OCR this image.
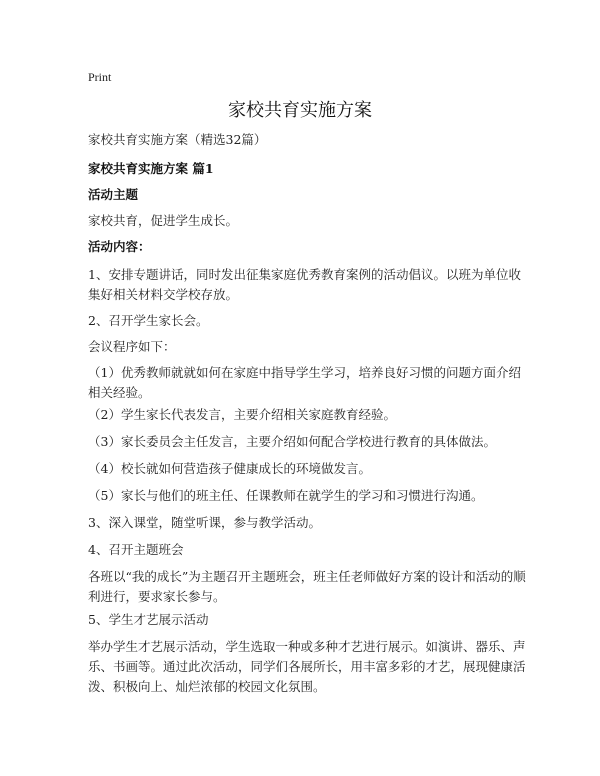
Print
家校共育实施方案
家校共育实施方案（精选32篇）
家校共育实施方案 篇1
活动主题
家校共育，促进学生成长。
活动内容：
1、安排专题讲话，同时发出征集家庭优秀教育案例的活动倡议。以班为单位收集好相关材料交学校存放。
2、召开学生家长会。
会议程序如下：
（1）优秀教师就就如何在家庭中指导学生学习，培养良好习惯的问题方面介绍相关经验。
（2）学生家长代表发言，主要介绍相关家庭教育经验。
（3）家长委员会主任发言，主要介绍如何配合学校进行教育的具体做法。
（4）校长就如何营造孩子健康成长的环境做发言。
（5）家长与他们的班主任、任课教师在就学生的学习和习惯进行沟通。
3、深入课堂，随堂听课，参与教学活动。
4、召开主题班会
各班以“我的成长”为主题召开主题班会，班主任老师做好方案的设计和活动的顺利进行，要求家长参与。
5、学生才艺展示活动
举办学生才艺展示活动，学生选取一种或多种才艺进行展示。如演讲、器乐、声乐、书画等。通过此次活动，同学们各展所长，用丰富多彩的才艺，展现健康活泼、积极向上、灿烂浓郁的校园文化氛围。
